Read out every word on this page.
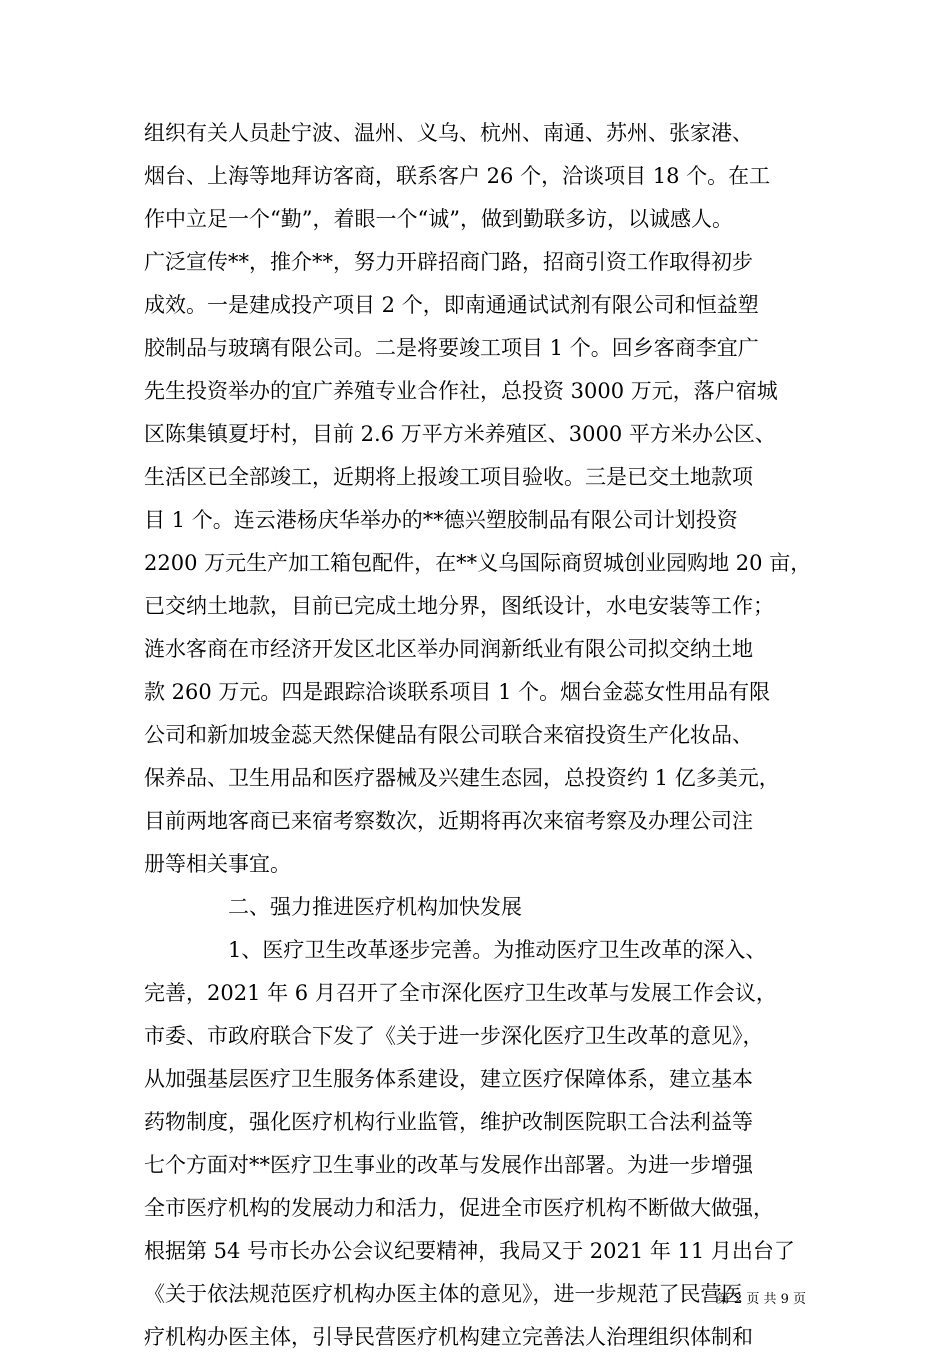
组织有关人员赴宁波、温州、义乌、杭州、南通、苏州、张家港、
烟台、上海等地拜访客商，联系客户 26 个，洽谈项目 18 个。在工
作中立足一个“勤”，着眼一个“诚”，做到勤联多访，以诚感人。
广泛宣传**，推介**，努力开辟招商门路，招商引资工作取得初步
成效。一是建成投产项目 2 个，即南通通试试剂有限公司和恒益塑
胶制品与玻璃有限公司。二是将要竣工项目 1 个。回乡客商李宜广
先生投资举办的宜广养殖专业合作社，总投资 3000 万元，落户宿城
区陈集镇夏圩村，目前 2.6 万平方米养殖区、3000 平方米办公区、
生活区已全部竣工，近期将上报竣工项目验收。三是已交土地款项
目 1 个。连云港杨庆华举办的**德兴塑胶制品有限公司计划投资
2200 万元生产加工箱包配件，在**义乌国际商贸城创业园购地 20 亩，
已交纳土地款，目前已完成土地分界，图纸设计，水电安装等工作；
涟水客商在市经济开发区北区举办同润新纸业有限公司拟交纳土地
款 260 万元。四是跟踪洽谈联系项目 1 个。烟台金蕊女性用品有限
公司和新加坡金蕊天然保健品有限公司联合来宿投资生产化妆品、
保养品、卫生用品和医疗器械及兴建生态园，总投资约 1 亿多美元，
目前两地客商已来宿考察数次，近期将再次来宿考察及办理公司注
册等相关事宜。
二、强力推进医疗机构加快发展
1、医疗卫生改革逐步完善。为推动医疗卫生改革的深入、
完善，2021 年 6 月召开了全市深化医疗卫生改革与发展工作会议，
市委、市政府联合下发了《关于进一步深化医疗卫生改革的意见》，
从加强基层医疗卫生服务体系建设，建立医疗保障体系，建立基本
药物制度，强化医疗机构行业监管，维护改制医院职工合法利益等
七个方面对**医疗卫生事业的改革与发展作出部署。为进一步增强
全市医疗机构的发展动力和活力，促进全市医疗机构不断做大做强，
根据第 54 号市长办公会议纪要精神，我局又于 2021 年 11 月出台了
《关于依法规范医疗机构办医主体的意见》，进一步规范了民营医
疗机构办医主体，引导民营医疗机构建立完善法人治理组织体制和
第 2 页 共 9 页
